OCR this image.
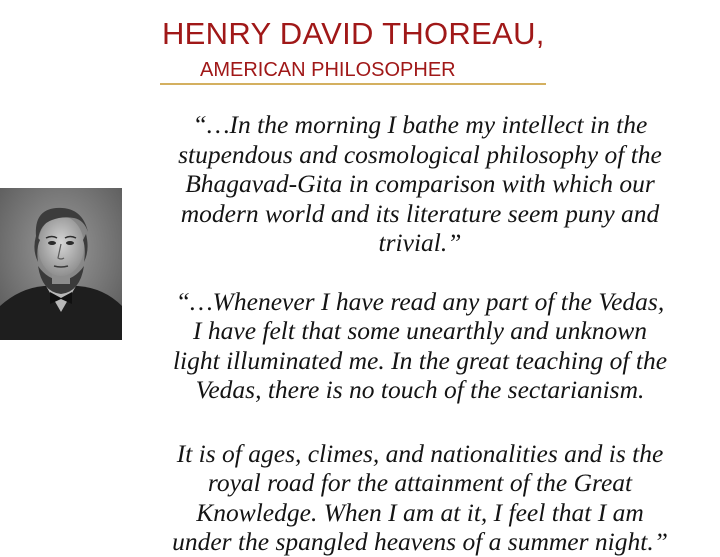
HENRY DAVID THOREAU,
AMERICAN PHILOSOPHER

“…In the morning I bathe my intellect in the
stupendous and cosmological philosophy of the
Bhagavad-Gita in comparison with which our
modern world and its literature seem puny and
trivial.”

“…Whenever I have read any part of the Vedas,
I have felt that some unearthly and unknown
light illuminated me. In the great teaching of the
Vedas, there is no touch of the sectarianism.

It is of ages, climes, and nationalities and is the
royal road for the attainment of the Great
Knowledge. When I am at it, I feel that I am
under the spangled heavens of a summer night.”
